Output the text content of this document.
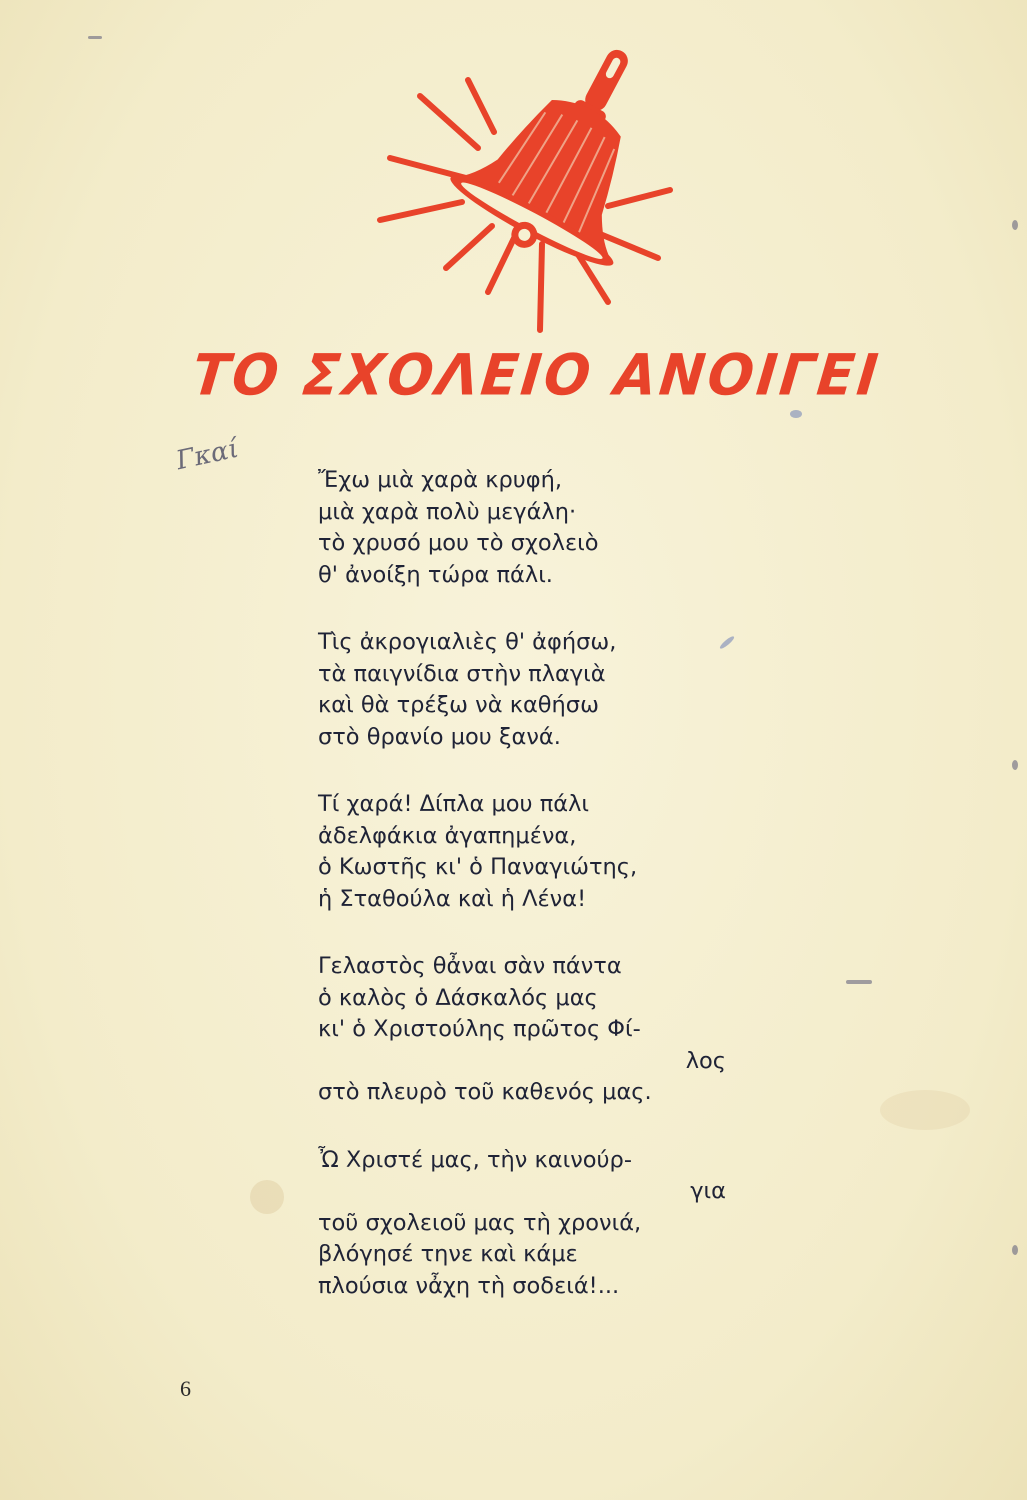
ΤΟ ΣΧΟΛΕΙΟ ΑΝΟΙΓΕΙ
Γκαί
Ἔχω μιὰ χαρὰ κρυφή,
μιὰ χαρὰ πολὺ μεγάλη·
τὸ χρυσό μου τὸ σχολειὸ
θ' ἀνοίξη τώρα πάλι.
Τὶς ἀκρογιαλιὲς θ' ἀφήσω,
τὰ παιγνίδια στὴν πλαγιὰ
καὶ θὰ τρέξω νὰ καθήσω
στὸ θρανίο μου ξανά.
Τί χαρά! Δίπλα μου πάλι
ἀδελφάκια ἀγαπημένα,
ὁ Κωστῆς κι' ὁ Παναγιώτης,
ἡ Σταθούλα καὶ ἡ Λένα!
Γελαστὸς θἆναι σὰν πάντα
ὁ καλὸς ὁ Δάσκαλός μας
κι' ὁ Χριστούλης πρῶτος Φί-
λος
στὸ πλευρὸ τοῦ καθενός μας.
Ὦ Χριστέ μας, τὴν καινούρ-
για
τοῦ σχολειοῦ μας τὴ χρονιά,
βλόγησέ τηνε καὶ κάμε
πλούσια νἆχη τὴ σοδειά!...
6
